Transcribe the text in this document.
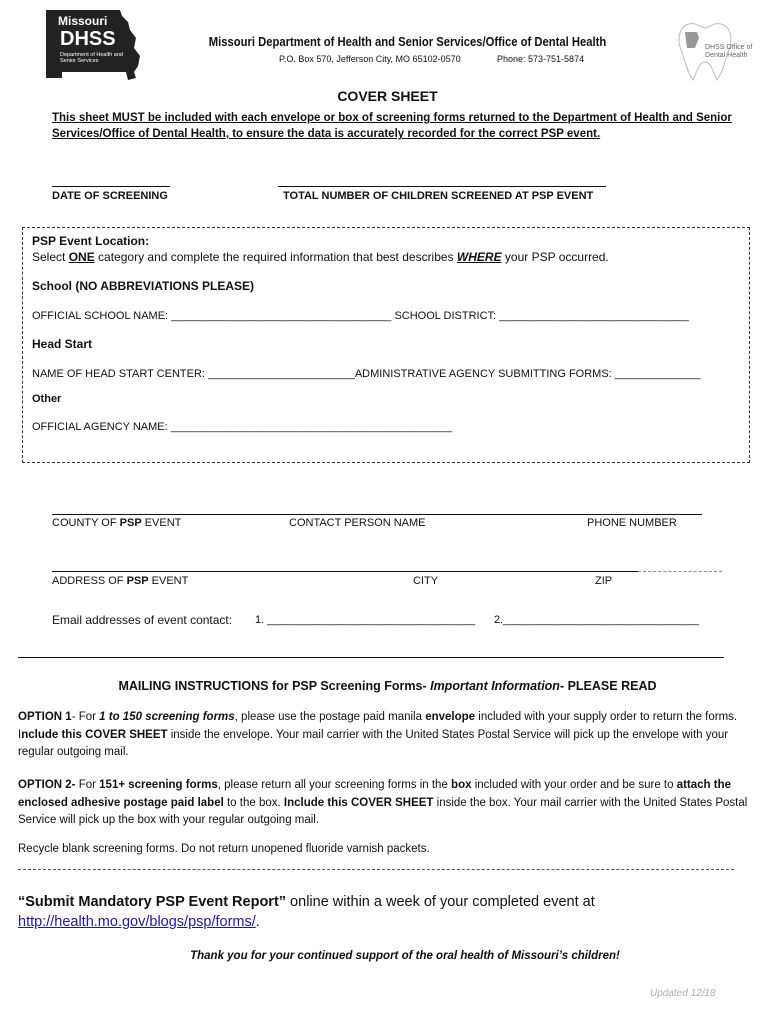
Missouri
DHSS
Department of Health and Senior Services
Missouri Department of Health and Senior Services/Office of Dental Health
P.O. Box 570, Jefferson City, MO 65102-0570	Phone: 573-751-5874
DHSS Office of Dental Health
COVER SHEET
This sheet MUST be included with each envelope or box of screening forms returned to the Department of Health and Senior Services/Office of Dental Health, to ensure the data is accurately recorded for the correct PSP event.
DATE OF SCREENING	TOTAL NUMBER OF CHILDREN SCREENED AT PSP EVENT
PSP Event Location:
Select ONE category and complete the required information that best describes WHERE your PSP occurred.
School (NO ABBREVIATIONS PLEASE)
OFFICIAL SCHOOL NAME: ____________________________________ SCHOOL DISTRICT: _______________________________
Head Start
NAME OF HEAD START CENTER: ________________________ADMINISTRATIVE AGENCY SUBMITTING FORMS: ______________
Other
OFFICIAL AGENCY NAME: ______________________________________________
COUNTY OF PSP EVENT	CONTACT PERSON NAME	PHONE NUMBER
ADDRESS OF PSP EVENT	CITY	ZIP
Email addresses of event contact: 1. __________________________________ 2.________________________________
MAILING INSTRUCTIONS for PSP Screening Forms- Important Information- PLEASE READ
OPTION 1- For 1 to 150 screening forms, please use the postage paid manila envelope included with your supply order to return the forms. Include this COVER SHEET inside the envelope. Your mail carrier with the United States Postal Service will pick up the envelope with your regular outgoing mail.
OPTION 2- For 151+ screening forms, please return all your screening forms in the box included with your order and be sure to attach the enclosed adhesive postage paid label to the box. Include this COVER SHEET inside the box. Your mail carrier with the United States Postal Service will pick up the box with your regular outgoing mail.
Recycle blank screening forms. Do not return unopened fluoride varnish packets.
“Submit Mandatory PSP Event Report” online within a week of your completed event at
http://health.mo.gov/blogs/psp/forms/.
Thank you for your continued support of the oral health of Missouri’s children!
Updated 12/18
